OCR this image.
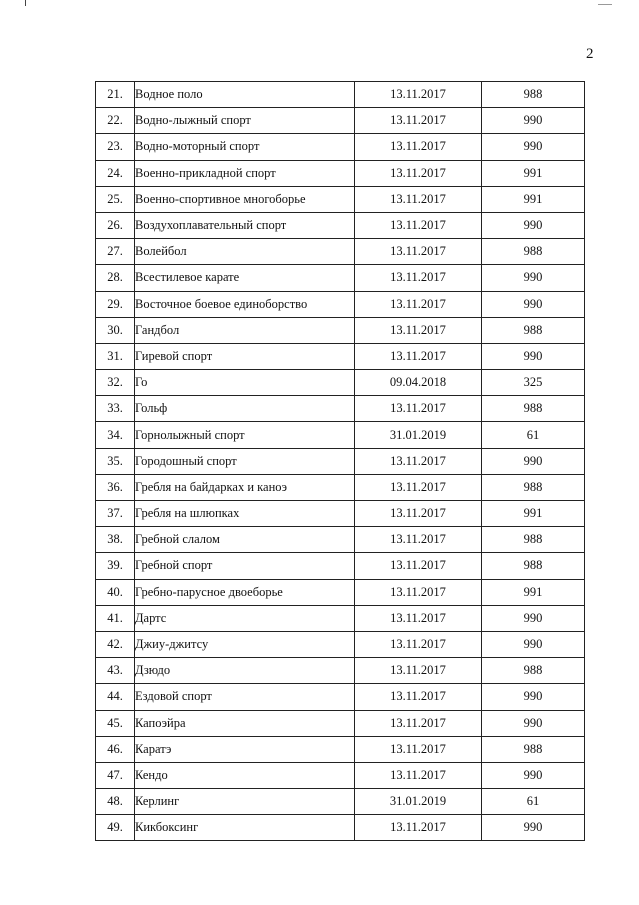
2
21.	Водное поло	13.11.2017	988
22.	Водно-лыжный спорт	13.11.2017	990
23.	Водно-моторный спорт	13.11.2017	990
24.	Военно-прикладной спорт	13.11.2017	991
25.	Военно-спортивное многоборье	13.11.2017	991
26.	Воздухоплавательный спорт	13.11.2017	990
27.	Волейбол	13.11.2017	988
28.	Всестилевое карате	13.11.2017	990
29.	Восточное боевое единоборство	13.11.2017	990
30.	Гандбол	13.11.2017	988
31.	Гиревой спорт	13.11.2017	990
32.	Го	09.04.2018	325
33.	Гольф	13.11.2017	988
34.	Горнолыжный спорт	31.01.2019	61
35.	Городошный спорт	13.11.2017	990
36.	Гребля на байдарках и каноэ	13.11.2017	988
37.	Гребля на шлюпках	13.11.2017	991
38.	Гребной слалом	13.11.2017	988
39.	Гребной спорт	13.11.2017	988
40.	Гребно-парусное двоеборье	13.11.2017	991
41.	Дартс	13.11.2017	990
42.	Джиу-джитсу	13.11.2017	990
43.	Дзюдо	13.11.2017	988
44.	Ездовой спорт	13.11.2017	990
45.	Капоэйра	13.11.2017	990
46.	Каратэ	13.11.2017	988
47.	Кендо	13.11.2017	990
48.	Керлинг	31.01.2019	61
49.	Кикбоксинг	13.11.2017	990
